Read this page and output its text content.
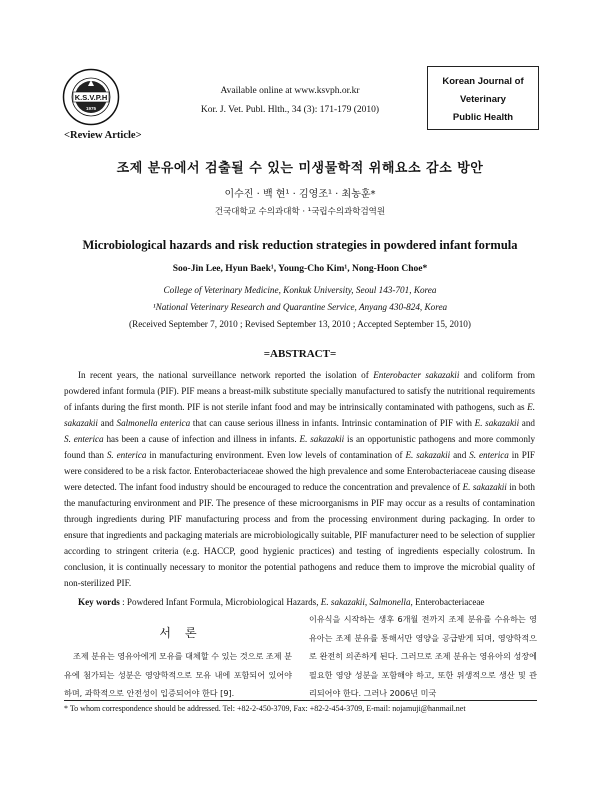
K.S.V.P.H
1975
Available online at www.ksvph.or.kr
Kor. J. Vet. Publ. Hlth., 34 (3): 171-179 (2010)
Korean Journal of
Veterinary
Public Health
<Review Article>
조제 분유에서 검출될 수 있는 미생물학적 위해요소 감소 방안
이수진 · 백 현¹ · 김영조¹ · 최농훈*
건국대학교 수의과대학 · ¹국립수의과학검역원
Microbiological hazards and risk reduction strategies in powdered infant formula
Soo-Jin Lee, Hyun Baek¹, Young-Cho Kim¹, Nong-Hoon Choe*
College of Veterinary Medicine, Konkuk University, Seoul 143-701, Korea
¹National Veterinary Research and Quarantine Service, Anyang 430-824, Korea
(Received September 7, 2010 ; Revised September 13, 2010 ; Accepted September 15, 2010)
=ABSTRACT=

In recent years, the national surveillance network reported the isolation of Enterobacter sakazakii and coliform from powdered infant formula (PIF). PIF means a breast-milk substitute specially manufactured to satisfy the nutritional requirements of infants during the first month. PIF is not sterile infant food and may be intrinsically contaminated with pathogens, such as E. sakazakii and Salmonella enterica that can cause serious illness in infants. Intrinsic contamination of PIF with E. sakazakii and S. enterica has been a cause of infection and illness in infants. E. sakazakii is an opportunistic pathogens and more commonly found than S. enterica in manufacturing environment. Even low levels of contamination of E. sakazakii and S. enterica in PIF were considered to be a risk factor. Enterobacteriaceae showed the high prevalence and some Enterobacteriaceae causing disease were detected. The infant food industry should be encouraged to reduce the concentration and prevalence of E. sakazakii in both the manufacturing environment and PIF. The presence of these microorganisms in PIF may occur as a results of contamination through ingredients during PIF manufacturing process and from the processing environment during packaging. In order to ensure that ingredients and packaging materials are microbiologically suitable, PIF manufacturer need to be selection of supplier according to stringent criteria (e.g. HACCP, good hygienic practices) and testing of ingredients especially colostrum. In conclusion, it is continually necessary to monitor the potential pathogens and reduce them to improve the microbial quality of non-sterilized PIF.

Key words : Powdered Infant Formula, Microbiological Hazards, E. sakazakii, Salmonella, Enterobacteriaceae
서론

조제 분유는 영유아에게 모유를 대체할 수 있는 것으로 조제 분유에 첨가되는 성분은 영양학적으로 모유 내에 포함되어 있어야 하며, 과학적으로 안전성이 입증되어야 한다 [9].

이유식을 시작하는 생후 6개월 전까지 조제 분유를 수유하는 영유아는 조제 분유를 통해서만 영양을 공급받게 되며, 영양학적으로 완전히 의존하게 된다. 그러므로 조제 분유는 영유아의 성장에 필요한 영양 성분을 포함해야 하고, 또한 위생적으로 생산 및 관리되어야 한다. 그러나 2006년 미국

* To whom correspondence should be addressed. Tel: +82-2-450-3709, Fax: +82-2-454-3709, E-mail: nojamuji@hanmail.net
